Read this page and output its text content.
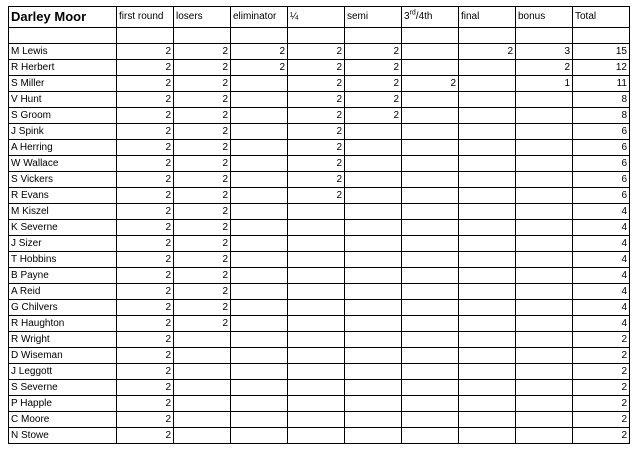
Darley Moor	first round	losers	eliminator	¼	semi	3rd/4th	final	bonus	Total

M Lewis	2	2	2	2	2		2	3	15
R Herbert	2	2	2	2	2			2	12
S Miller	2	2		2	2	2		1	11
V Hunt	2	2		2	2				8
S Groom	2	2		2	2				8
J Spink	2	2		2					6
A Herring	2	2		2					6
W Wallace	2	2		2					6
S Vickers	2	2		2					6
R Evans	2	2		2					6
M Kiszel	2	2							4
K Severne	2	2							4
J Sizer	2	2							4
T Hobbins	2	2							4
B Payne	2	2							4
A Reid	2	2							4
G Chilvers	2	2							4
R Haughton	2	2							4
R Wright	2								2
D Wiseman	2								2
J Leggott	2								2
S Severne	2								2
P Happle	2								2
C Moore	2								2
N Stowe	2								2
